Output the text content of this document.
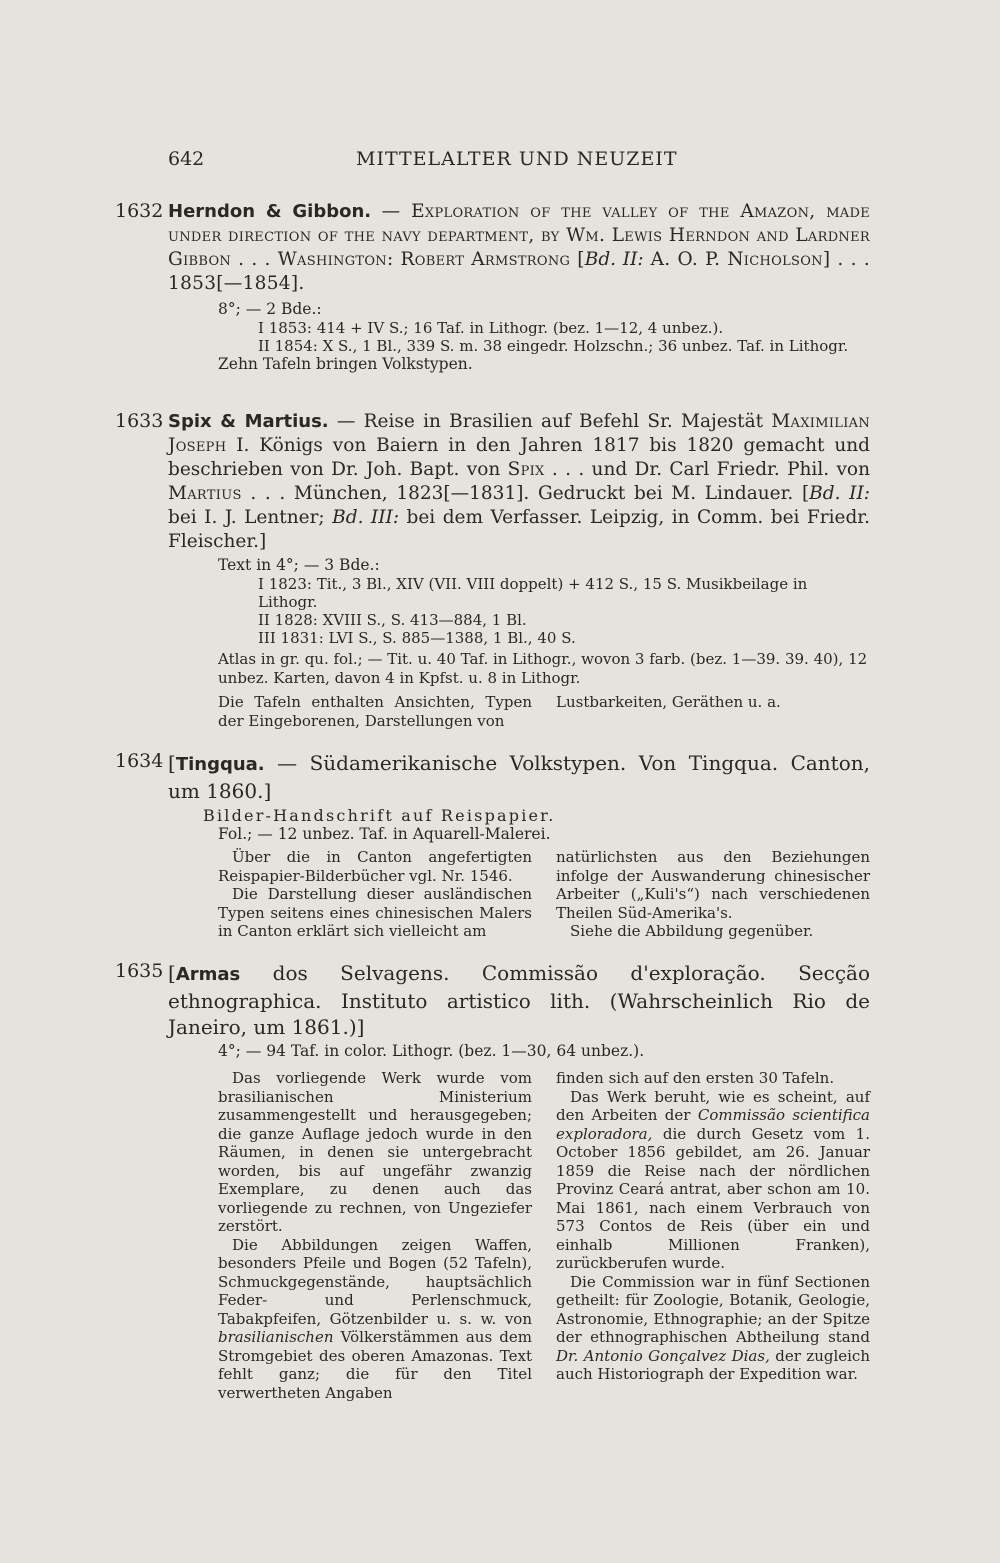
642	MITTELALTER UND NEUZEIT
1632 Herndon & Gibbon. — Exploration of the valley of the Amazon, made under direction of the navy department, by Wm. Lewis Herndon and Lardner Gibbon . . . Washington: Robert Armstrong [Bd. II: A. O. P. Nicholson] . . . 1853[—1854].
8°; — 2 Bde.:
I 1853: 414 + IV S.; 16 Taf. in Lithogr. (bez. 1—12, 4 unbez.).
II 1854: X S., 1 Bl., 339 S. m. 38 eingedr. Holzschn.; 36 unbez. Taf. in Lithogr.
Zehn Tafeln bringen Volkstypen.
1633 Spix & Martius. — Reise in Brasilien auf Befehl Sr. Majestät Maximilian Joseph I. Königs von Baiern in den Jahren 1817 bis 1820 gemacht und beschrieben von Dr. Joh. Bapt. von Spix . . . und Dr. Carl Friedr. Phil. von Martius . . . München, 1823[—1831]. Gedruckt bei M. Lindauer. [Bd. II: bei I. J. Lentner; Bd. III: bei dem Verfasser. Leipzig, in Comm. bei Friedr. Fleischer.]
Text in 4°; — 3 Bde.:
I 1823: Tit., 3 Bl., XIV (VII. VIII doppelt) + 412 S., 15 S. Musikbeilage in Lithogr.
II 1828: XVIII S., S. 413—884, 1 Bl.
III 1831: LVI S., S. 885—1388, 1 Bl., 40 S.
Atlas in gr. qu. fol.; — Tit. u. 40 Taf. in Lithogr., wovon 3 farb. (bez. 1—39. 39. 40), 12 unbez. Karten, davon 4 in Kpfst. u. 8 in Lithogr.
Die Tafeln enthalten Ansichten, Typen der Eingeborenen, Darstellungen von
Lustbarkeiten, Geräthen u. a.
1634 [Tingqua. — Südamerikanische Volkstypen. Von Tingqua. Canton, um 1860.]
Bilder-Handschrift auf Reispapier.
Fol.; — 12 unbez. Taf. in Aquarell-Malerei.

Über die in Canton angefertigten Reispapier-Bilderbücher vgl. Nr. 1546.

Die Darstellung dieser ausländischen Typen seitens eines chinesischen Malers in Canton erklärt sich vielleicht am

natürlichsten aus den Beziehungen infolge der Auswanderung chinesischer Arbeiter („Kuli's“) nach verschiedenen Theilen Süd-Amerika's.

Siehe die Abbildung gegenüber.

1635 [Armas dos Selvagens. Commissão d'exploração. Secção ethnographica. Instituto artistico lith. (Wahrscheinlich Rio de Janeiro, um 1861.)]
4°; — 94 Taf. in color. Lithogr. (bez. 1—30, 64 unbez.).

Das vorliegende Werk wurde vom brasilianischen Ministerium zusammengestellt und herausgegeben; die ganze Auflage jedoch wurde in den Räumen, in denen sie untergebracht worden, bis auf ungefähr zwanzig Exemplare, zu denen auch das vorliegende zu rechnen, von Ungeziefer zerstört.

Die Abbildungen zeigen Waffen, besonders Pfeile und Bogen (52 Tafeln), Schmuckgegenstände, hauptsächlich Feder- und Perlenschmuck, Tabakpfeifen, Götzenbilder u. s. w. von brasilianischen Völkerstämmen aus dem Stromgebiet des oberen Amazonas. Text fehlt ganz; die für den Titel verwertheten Angaben

finden sich auf den ersten 30 Tafeln.

Das Werk beruht, wie es scheint, auf den Arbeiten der Commissão scientifica exploradora, die durch Gesetz vom 1. October 1856 gebildet, am 26. Januar 1859 die Reise nach der nördlichen Provinz Ceará antrat, aber schon am 10. Mai 1861, nach einem Verbrauch von 573 Contos de Reis (über ein und einhalb Millionen Franken), zurückberufen wurde.

Die Commission war in fünf Sectionen getheilt: für Zoologie, Botanik, Geologie, Astronomie, Ethnographie; an der Spitze der ethnographischen Abtheilung stand Dr. Antonio Gonçalvez Dias, der zugleich auch Historiograph der Expedition war.
